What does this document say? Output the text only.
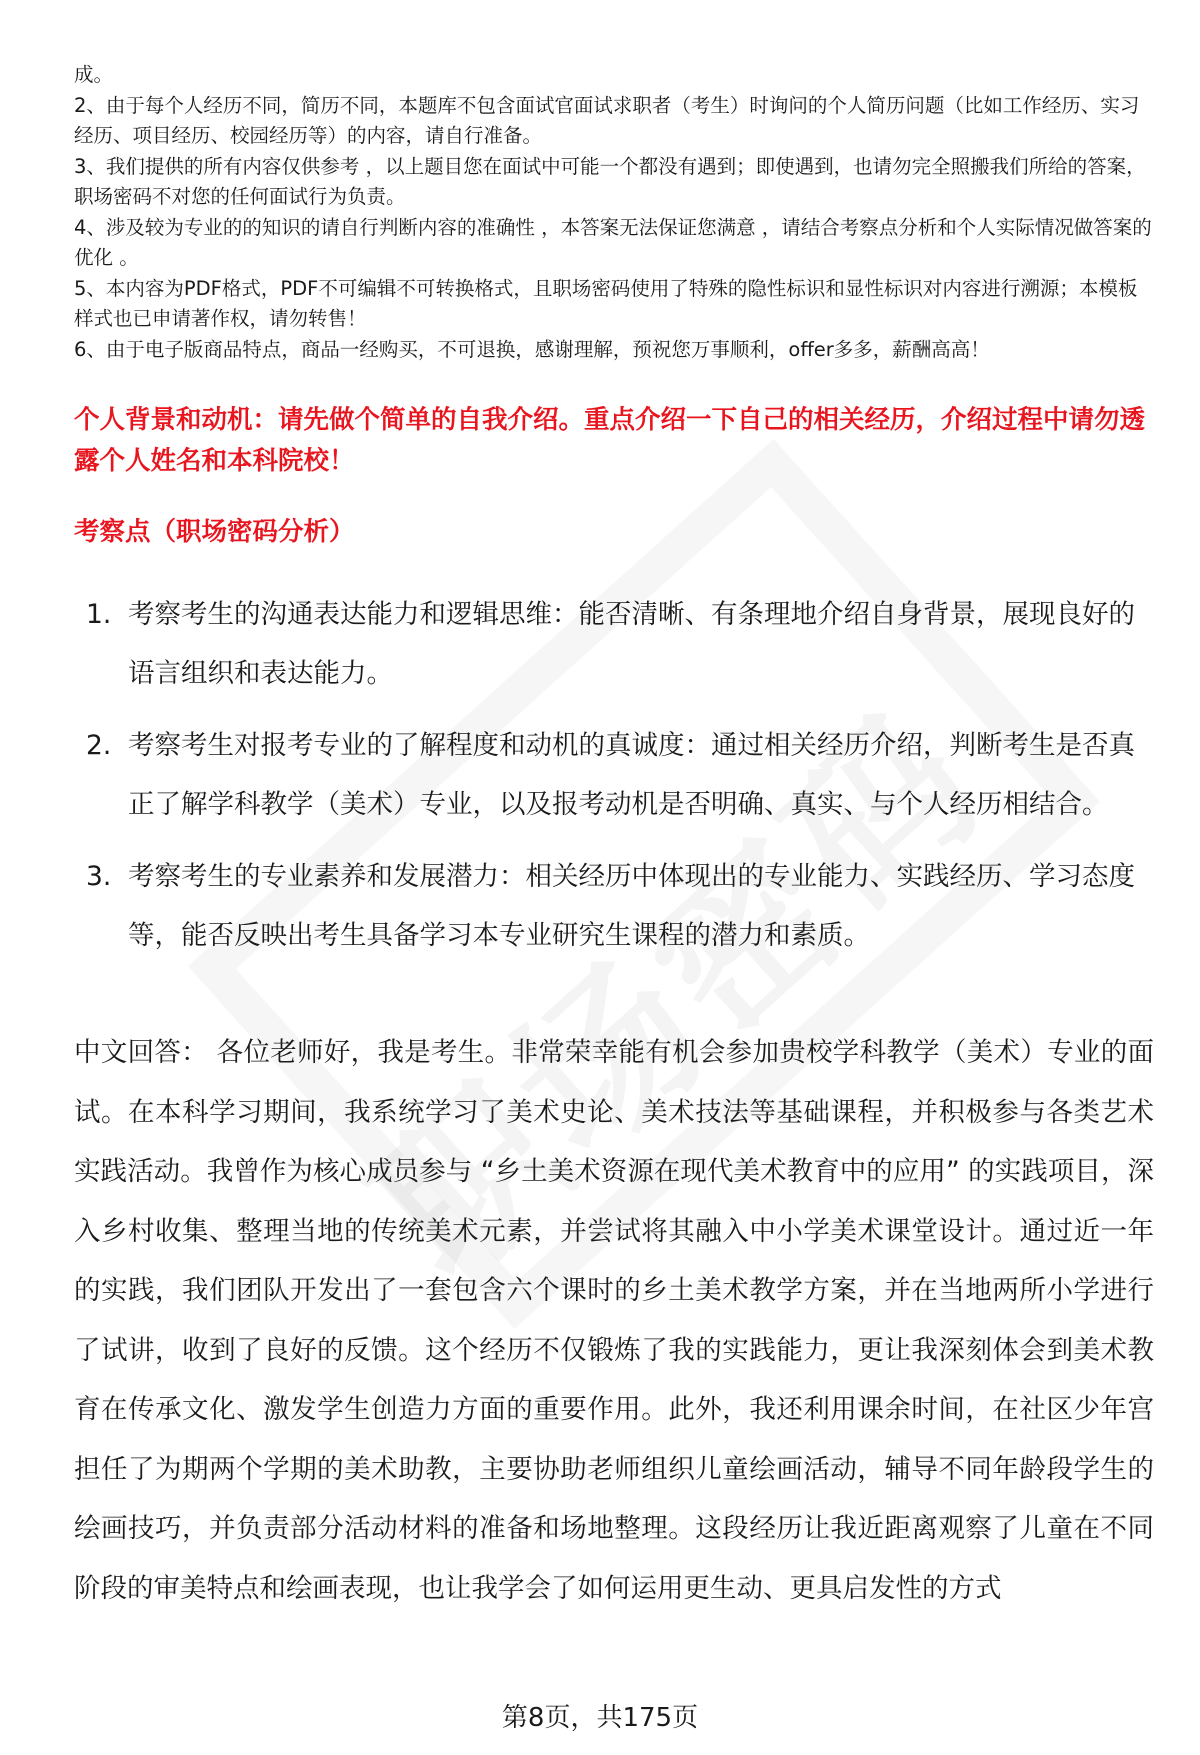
成。

2、由于每个人经历不同，简历不同，本题库不包含面试官面试求职者（考生）时询问的个人简历问题（比如工作经历、实习经历、项目经历、校园经历等）的内容，请自行准备。

3、我们提供的所有内容仅供参考 ，以上题目您在面试中可能一个都没有遇到；即使遇到，也请勿完全照搬我们所给的答案，职场密码不对您的任何面试行为负责。

4、涉及较为专业的的知识的请自行判断内容的准确性 ，本答案无法保证您满意 ，请结合考察点分析和个人实际情况做答案的优化 。

5、本内容为PDF格式，PDF不可编辑不可转换格式，且职场密码使用了特殊的隐性标识和显性标识对内容进行溯源；本模板样式也已申请著作权，请勿转售！

6、由于电子版商品特点，商品一经购买，不可退换，感谢理解，预祝您万事顺利，offer多多，薪酬高高！

个人背景和动机：请先做个简单的自我介绍。重点介绍一下自己的相关经历，介绍过程中请勿透露个人姓名和本科院校！

考察点（职场密码分析）

1. 考察考生的沟通表达能力和逻辑思维：能否清晰、有条理地介绍自身背景，展现良好的语言组织和表达能力。

2. 考察考生对报考专业的了解程度和动机的真诚度：通过相关经历介绍，判断考生是否真正了解学科教学（美术）专业，以及报考动机是否明确、真实、与个人经历相结合。

3. 考察考生的专业素养和发展潜力：相关经历中体现出的专业能力、实践经历、学习态度等，能否反映出考生具备学习本专业研究生课程的潜力和素质。

中文回答： 各位老师好，我是考生。非常荣幸能有机会参加贵校学科教学（美术）专业的面试。在本科学习期间，我系统学习了美术史论、美术技法等基础课程，并积极参与各类艺术实践活动。我曾作为核心成员参与 “乡土美术资源在现代美术教育中的应用” 的实践项目，深入乡村收集、整理当地的传统美术元素，并尝试将其融入中小学美术课堂设计。通过近一年的实践，我们团队开发出了一套包含六个课时的乡土美术教学方案，并在当地两所小学进行了试讲，收到了良好的反馈。这个经历不仅锻炼了我的实践能力，更让我深刻体会到美术教育在传承文化、激发学生创造力方面的重要作用。此外，我还利用课余时间，在社区少年宫担任了为期两个学期的美术助教，主要协助老师组织儿童绘画活动，辅导不同年龄段学生的绘画技巧，并负责部分活动材料的准备和场地整理。这段经历让我近距离观察了儿童在不同阶段的审美特点和绘画表现，也让我学会了如何运用更生动、更具启发性的方式

第8页，共175页
